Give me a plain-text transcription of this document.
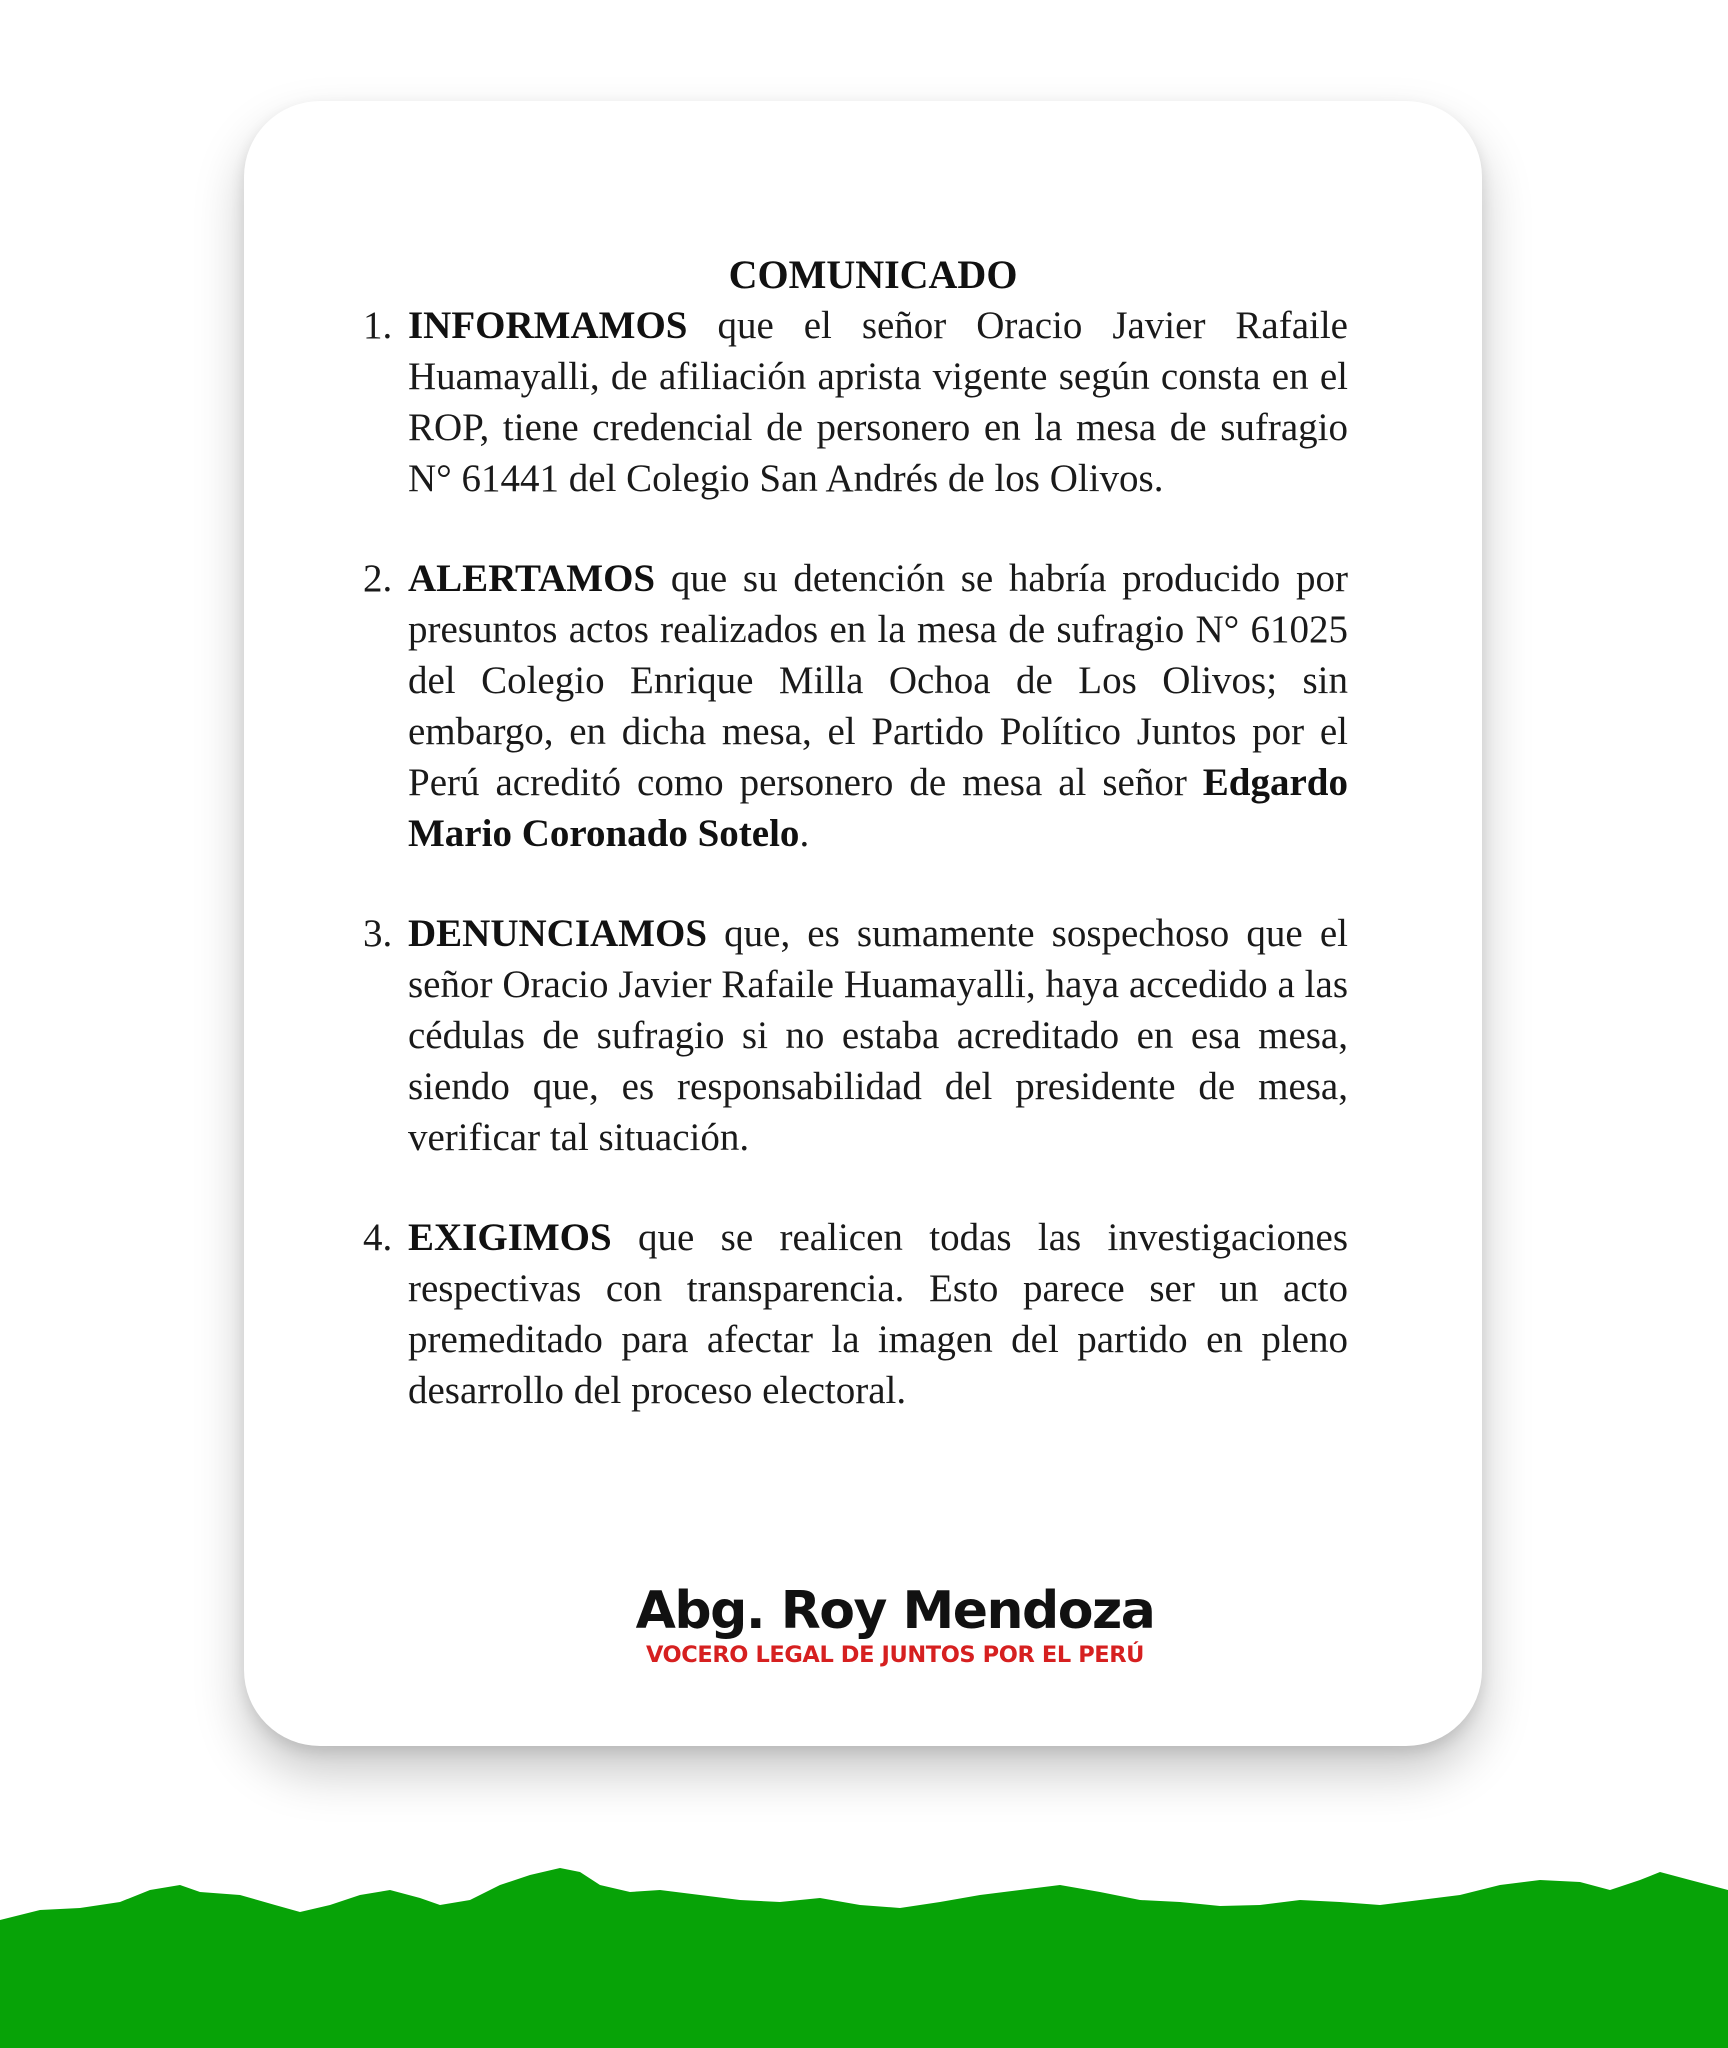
COMUNICADO

1. INFORMAMOS que el señor Oracio Javier Rafaile Huamayalli, de afiliación aprista vigente según consta en el ROP, tiene credencial de personero en la mesa de sufragio N° 61441 del Colegio San Andrés de los Olivos.

2. ALERTAMOS que su detención se habría producido por presuntos actos realizados en la mesa de sufragio N° 61025 del Colegio Enrique Milla Ochoa de Los Olivos; sin embargo, en dicha mesa, el Partido Político Juntos por el Perú acreditó como personero de mesa al señor Edgardo Mario Coronado Sotelo.

3. DENUNCIAMOS que, es sumamente sospechoso que el señor Oracio Javier Rafaile Huamayalli, haya accedido a las cédulas de sufragio si no estaba acreditado en esa mesa, siendo que, es responsabilidad del presidente de mesa, verificar tal situación.

4. EXIGIMOS que se realicen todas las investigaciones respectivas con transparencia. Esto parece ser un acto premeditado para afectar la imagen del partido en pleno desarrollo del proceso electoral.

Abg. Roy Mendoza
VOCERO LEGAL DE JUNTOS POR EL PERÚ
